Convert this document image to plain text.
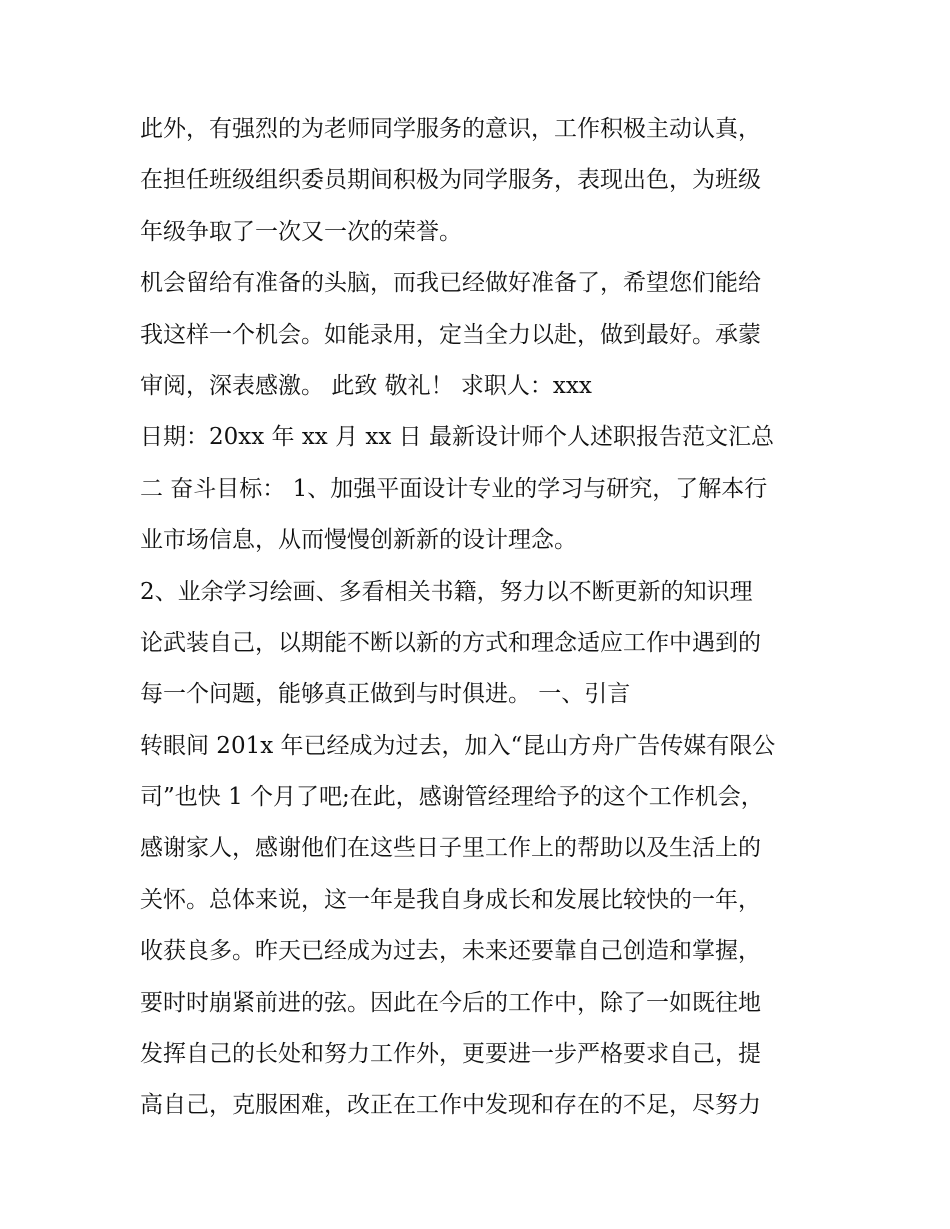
此外，有强烈的为老师同学服务的意识，工作积极主动认真，
在担任班级组织委员期间积极为同学服务，表现出色，为班级
年级争取了一次又一次的荣誉。
机会留给有准备的头脑，而我已经做好准备了，希望您们能给
我这样一个机会。如能录用，定当全力以赴，做到最好。承蒙
审阅，深表感激。 此致 敬礼！ 求职人：xxx
日期：20xx 年 xx 月 xx 日 最新设计师个人述职报告范文汇总
二 奋斗目标： 1、加强平面设计专业的学习与研究，了解本行
业市场信息，从而慢慢创新新的设计理念。
2、业余学习绘画、多看相关书籍，努力以不断更新的知识理
论武装自己，以期能不断以新的方式和理念适应工作中遇到的
每一个问题，能够真正做到与时俱进。 一、引言
转眼间 201x 年已经成为过去，加入“昆山方舟广告传媒有限公
司”也快 1 个月了吧;在此，感谢管经理给予的这个工作机会，
感谢家人，感谢他们在这些日子里工作上的帮助以及生活上的
关怀。总体来说，这一年是我自身成长和发展比较快的一年，
收获良多。昨天已经成为过去，未来还要靠自己创造和掌握，
要时时崩紧前进的弦。因此在今后的工作中，除了一如既往地
发挥自己的长处和努力工作外，更要进一步严格要求自己，提
高自己，克服困难，改正在工作中发现和存在的不足，尽努力
